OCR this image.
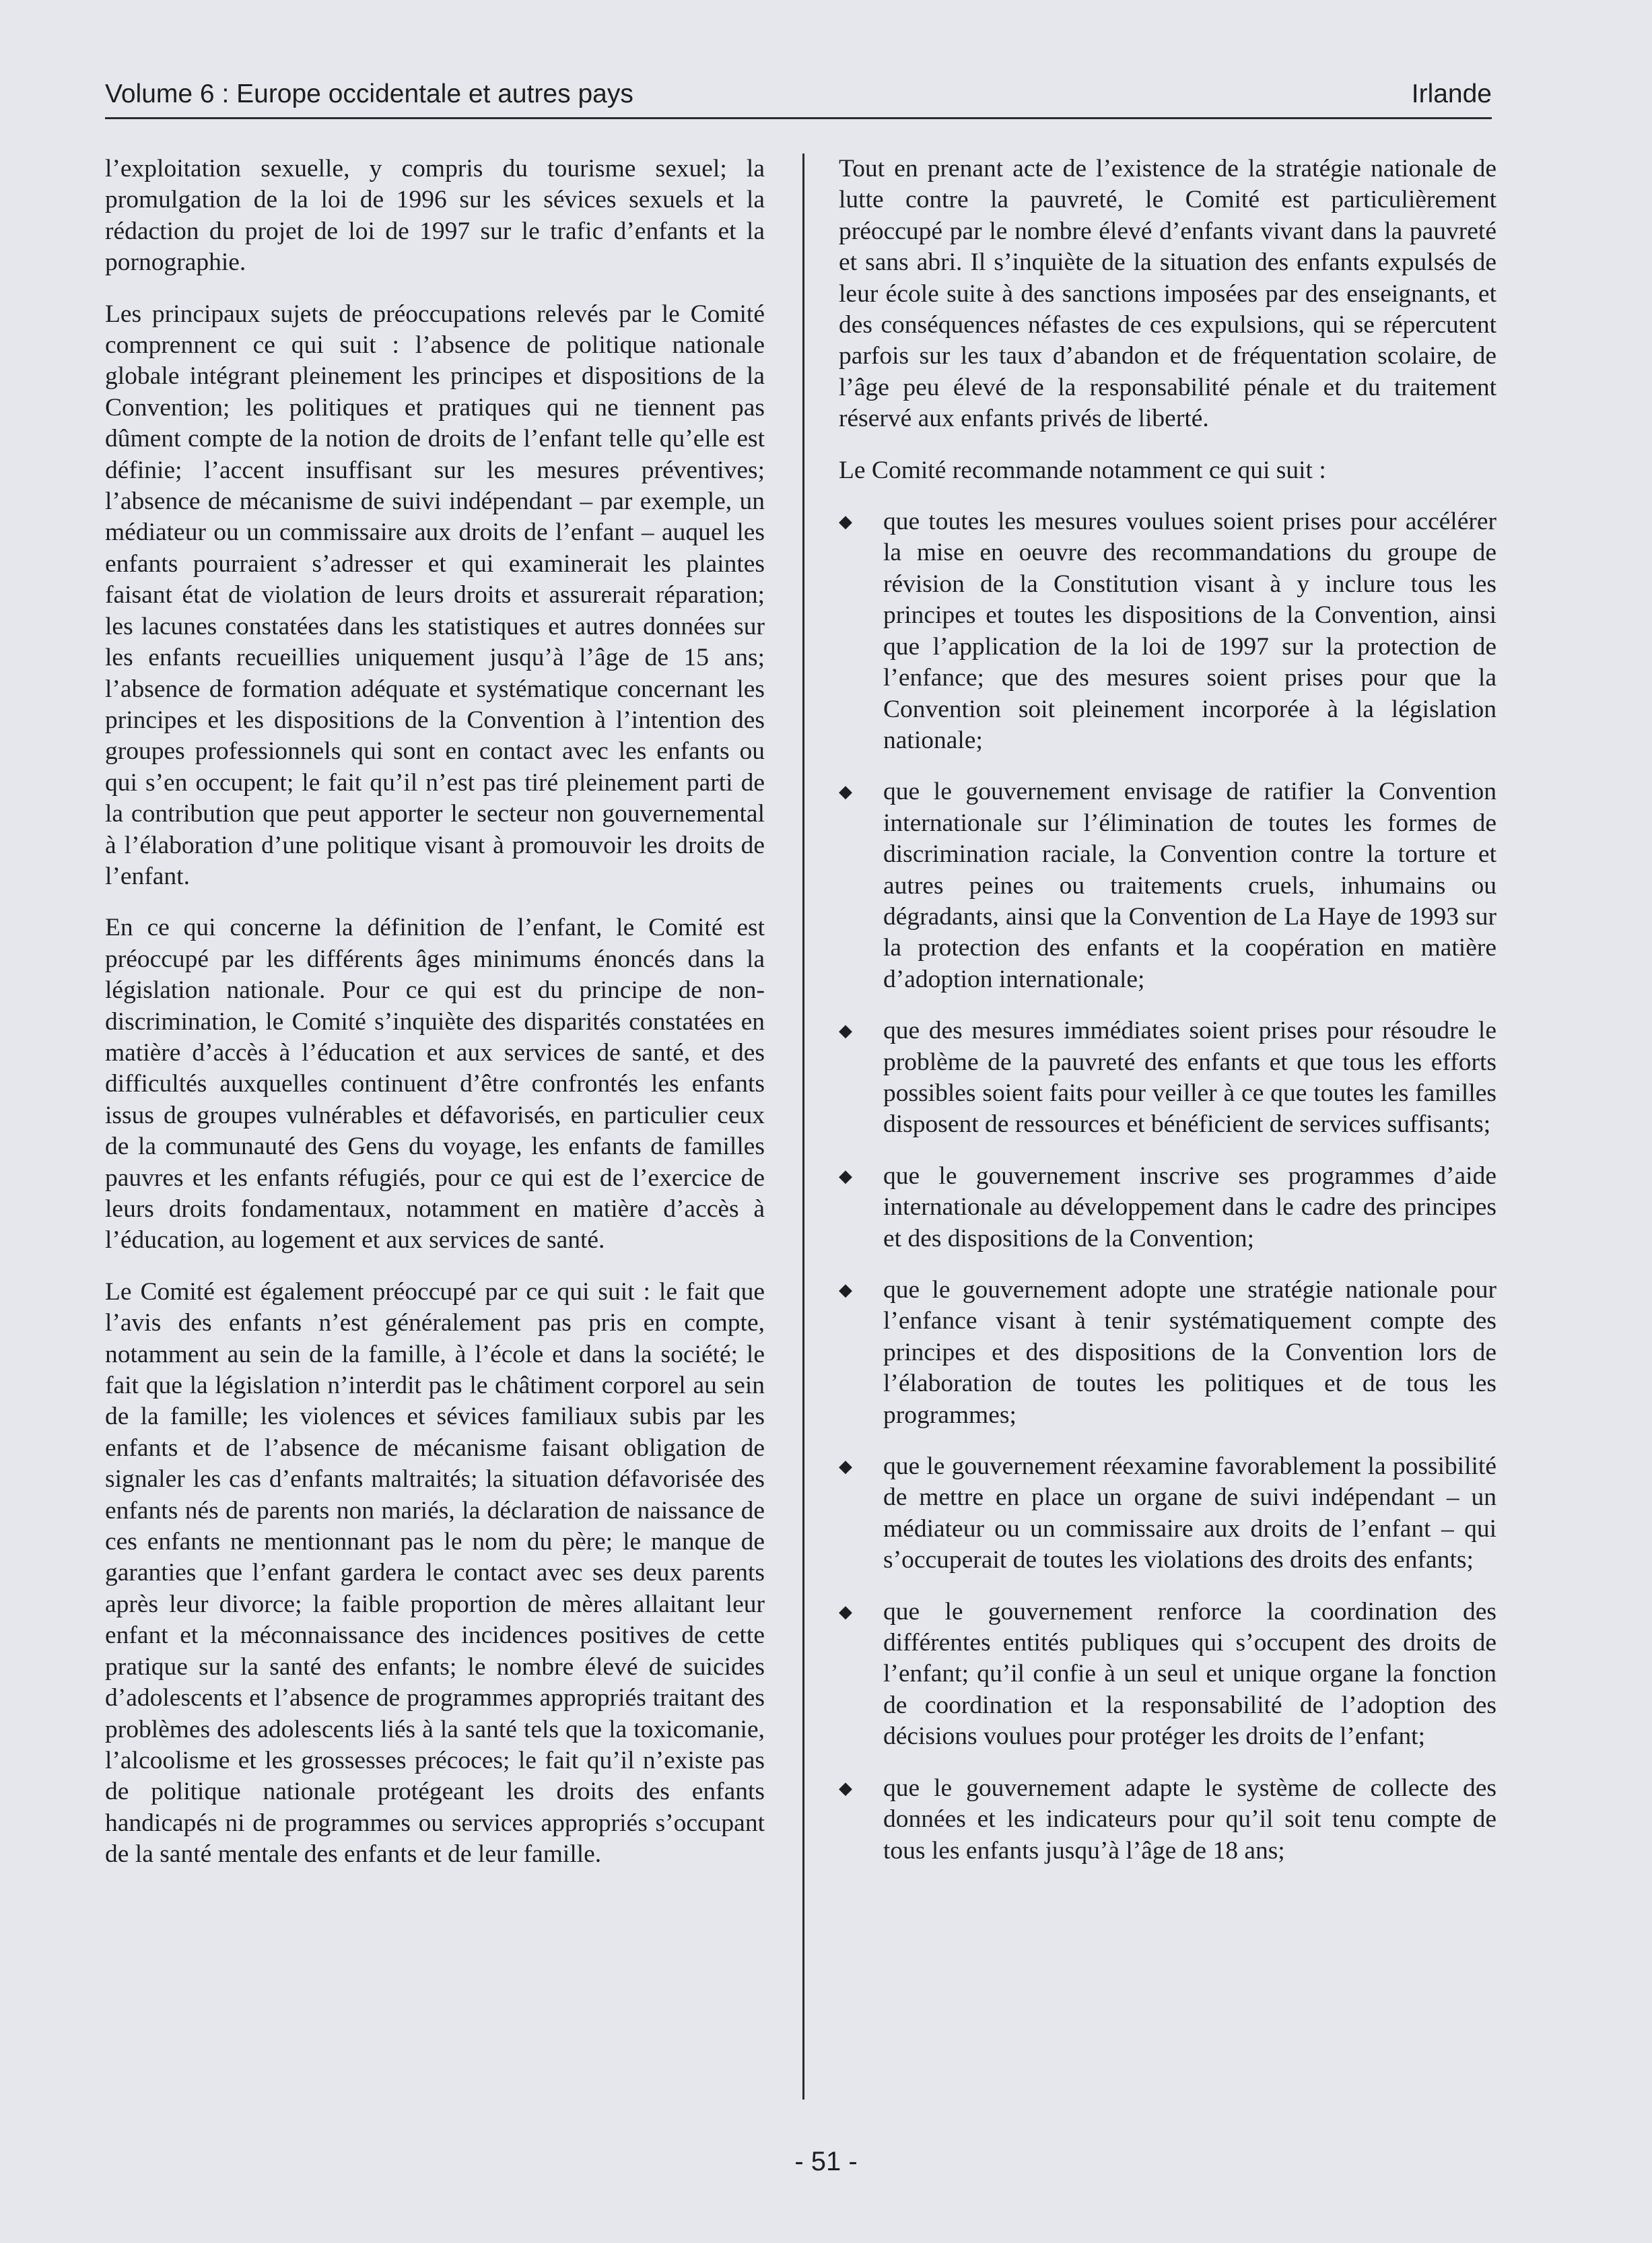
Volume 6 : Europe occidentale et autres pays	Irlande

l’exploitation sexuelle, y compris du tourisme sexuel; la promulgation de la loi de 1996 sur les sévices sexuels et la rédaction du projet de loi de 1997 sur le trafic d’enfants et la pornographie.

Les principaux sujets de préoccupations relevés par le Comité comprennent ce qui suit : l’absence de politique nationale globale intégrant pleinement les principes et dispositions de la Convention; les politiques et pratiques qui ne tiennent pas dûment compte de la notion de droits de l’enfant telle qu’elle est définie; l’accent insuffisant sur les mesures préventives; l’absence de mécanisme de suivi indépendant – par exemple, un médiateur ou un commissaire aux droits de l’enfant – auquel les enfants pourraient s’adresser et qui examinerait les plaintes faisant état de violation de leurs droits et assurerait réparation; les lacunes constatées dans les statistiques et autres données sur les enfants recueillies uniquement jusqu’à l’âge de 15 ans; l’absence de formation adéquate et systématique concernant les principes et les dispositions de la Convention à l’intention des groupes professionnels qui sont en contact avec les enfants ou qui s’en occupent; le fait qu’il n’est pas tiré pleinement parti de la contribution que peut apporter le secteur non gouvernemental à l’élaboration d’une politique visant à promouvoir les droits de l’enfant.

En ce qui concerne la définition de l’enfant, le Comité est préoccupé par les différents âges minimums énoncés dans la législation nationale. Pour ce qui est du principe de non-discrimination, le Comité s’inquiète des disparités constatées en matière d’accès à l’éducation et aux services de santé, et des difficultés auxquelles continuent d’être confrontés les enfants issus de groupes vulnérables et défavorisés, en particulier ceux de la communauté des Gens du voyage, les enfants de familles pauvres et les enfants réfugiés, pour ce qui est de l’exercice de leurs droits fondamentaux, notamment en matière d’accès à l’éducation, au logement et aux services de santé.

Le Comité est également préoccupé par ce qui suit : le fait que l’avis des enfants n’est généralement pas pris en compte, notamment au sein de la famille, à l’école et dans la société; le fait que la législation n’interdit pas le châtiment corporel au sein de la famille; les violences et sévices familiaux subis par les enfants et de l’absence de mécanisme faisant obligation de signaler les cas d’enfants maltraités; la situation défavorisée des enfants nés de parents non mariés, la déclaration de naissance de ces enfants ne mentionnant pas le nom du père; le manque de garanties que l’enfant gardera le contact avec ses deux parents après leur divorce; la faible proportion de mères allaitant leur enfant et la méconnaissance des incidences positives de cette pratique sur la santé des enfants; le nombre élevé de suicides d’adolescents et l’absence de programmes appropriés traitant des problèmes des adolescents liés à la santé tels que la toxicomanie, l’alcoolisme et les grossesses précoces; le fait qu’il n’existe pas de politique nationale protégeant les droits des enfants handicapés ni de programmes ou services appropriés s’occupant de la santé mentale des enfants et de leur famille.

Tout en prenant acte de l’existence de la stratégie nationale de lutte contre la pauvreté, le Comité est particulièrement préoccupé par le nombre élevé d’enfants vivant dans la pauvreté et sans abri. Il s’inquiète de la situation des enfants expulsés de leur école suite à des sanctions imposées par des enseignants, et des conséquences néfastes de ces expulsions, qui se répercutent parfois sur les taux d’abandon et de fréquentation scolaire, de l’âge peu élevé de la responsabilité pénale et du traitement réservé aux enfants privés de liberté.

Le Comité recommande notamment ce qui suit :

◆ que toutes les mesures voulues soient prises pour accélérer la mise en oeuvre des recommandations du groupe de révision de la Constitution visant à y inclure tous les principes et toutes les dispositions de la Convention, ainsi que l’application de la loi de 1997 sur la protection de l’enfance; que des mesures soient prises pour que la Convention soit pleinement incorporée à la législation nationale;
◆ que le gouvernement envisage de ratifier la Convention internationale sur l’élimination de toutes les formes de discrimination raciale, la Convention contre la torture et autres peines ou traitements cruels, inhumains ou dégradants, ainsi que la Convention de La Haye de 1993 sur la protection des enfants et la coopération en matière d’adoption internationale;
◆ que des mesures immédiates soient prises pour résoudre le problème de la pauvreté des enfants et que tous les efforts possibles soient faits pour veiller à ce que toutes les familles disposent de ressources et bénéficient de services suffisants;
◆ que le gouvernement inscrive ses programmes d’aide internationale au développement dans le cadre des principes et des dispositions de la Convention;
◆ que le gouvernement adopte une stratégie nationale pour l’enfance visant à tenir systématiquement compte des principes et des dispositions de la Convention lors de l’élaboration de toutes les politiques et de tous les programmes;
◆ que le gouvernement réexamine favorablement la possibilité de mettre en place un organe de suivi indépendant – un médiateur ou un commissaire aux droits de l’enfant – qui s’occuperait de toutes les violations des droits des enfants;
◆ que le gouvernement renforce la coordination des différentes entités publiques qui s’occupent des droits de l’enfant; qu’il confie à un seul et unique organe la fonction de coordination et la responsabilité de l’adoption des décisions voulues pour protéger les droits de l’enfant;
◆ que le gouvernement adapte le système de collecte des données et les indicateurs pour qu’il soit tenu compte de tous les enfants jusqu’à l’âge de 18 ans;
- 51 -
